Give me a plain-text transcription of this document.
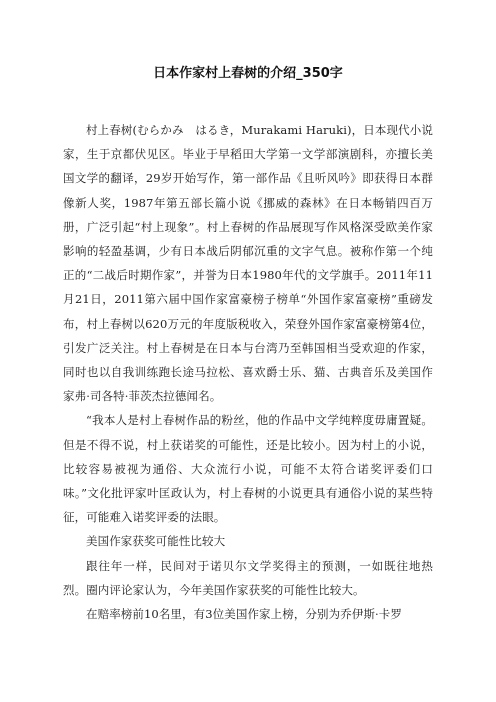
日本作家村上春树的介绍_350字

村上春树(むらかみ　はるき，Murakami Haruki)，日本现代小说家，生于京都伏见区。毕业于早稻田大学第一文学部演剧科，亦擅长美国文学的翻译，29岁开始写作，第一部作品《且听风吟》即获得日本群像新人奖，1987年第五部长篇小说《挪威的森林》在日本畅销四百万册，广泛引起“村上现象”。村上春树的作品展现写作风格深受欧美作家影响的轻盈基调，少有日本战后阴郁沉重的文字气息。被称作第一个纯正的“二战后时期作家”，并誉为日本1980年代的文学旗手。2011年11月21日，2011第六届中国作家富豪榜子榜单“外国作家富豪榜”重磅发布，村上春树以620万元的年度版税收入，荣登外国作家富豪榜第4位，引发广泛关注。村上春树是在日本与台湾乃至韩国相当受欢迎的作家，同时也以自我训练跑长途马拉松、喜欢爵士乐、猫、古典音乐及美国作家弗·司各特·菲茨杰拉德闻名。

“我本人是村上春树作品的粉丝，他的作品中文学纯粹度毋庸置疑。但是不得不说，村上获诺奖的可能性，还是比较小。因为村上的小说，比较容易被视为通俗、大众流行小说，可能不太符合诺奖评委们口味。”文化批评家叶匡政认为，村上春树的小说更具有通俗小说的某些特征，可能难入诺奖评委的法眼。

美国作家获奖可能性比较大

跟往年一样，民间对于诺贝尔文学奖得主的预测，一如既往地热烈。圈内评论家认为，今年美国作家获奖的可能性比较大。

在赔率榜前10名里，有3位美国作家上榜，分别为乔伊斯·卡罗
